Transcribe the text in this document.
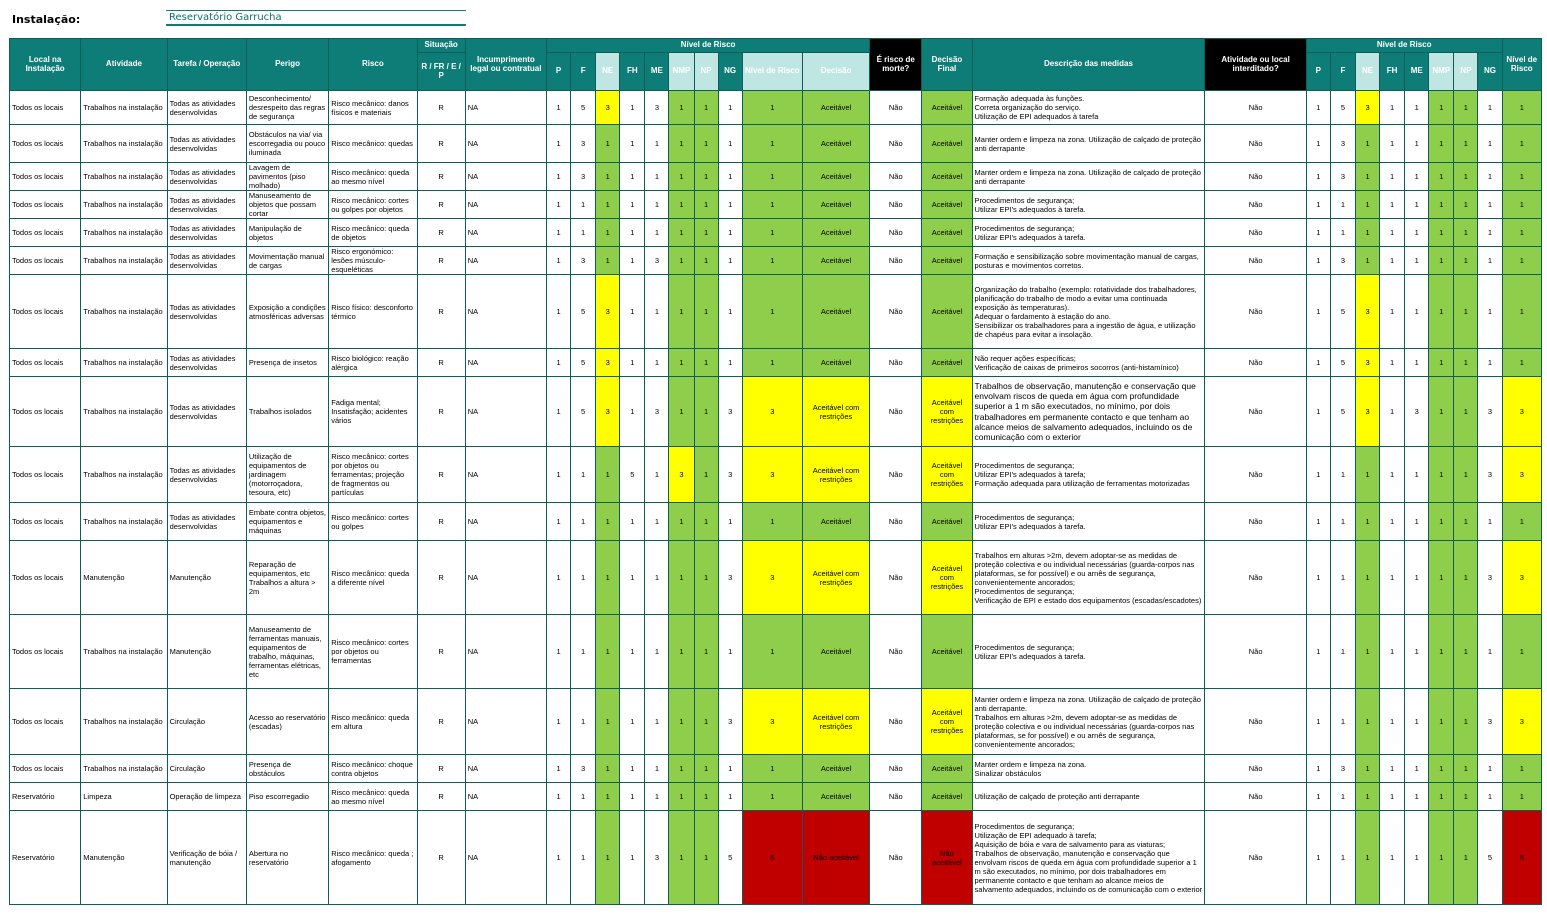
Instalação:	Reservatório Garrucha
Local na Instalação	Atividade	Tarefa / Operação	Perigo	Risco	Situação	Incumprimento legal ou contratual	Nível de Risco										É risco de morte?	Decisão Final	Descrição das medidas	Atividade ou local interditado?	Nível de Risco								Nível de Risco
					R / FR / E / P		P	F	NE	FH	ME	NMP	NP	NG	Nível de Risco	Decisão					P	F	NE	FH	ME	NMP	NP	NG	
Todos os locais	Trabalhos na instalação	Todas as atividades desenvolvidas	Desconhecimento/ desrespeito das regras de segurança	Risco mecânico: danos físicos e materiais	R	NA	1	5	3	1	3	1	1	1	1	Aceitável	Não	Aceitável	Formação adequada às funções.
Correta organização do serviço.
Utilização de EPI adequados à tarefa	Não	1	5	3	1	1	1	1	1	1
Todos os locais	Trabalhos na instalação	Todas as atividades desenvolvidas	Obstáculos na via/ via escorregadia ou pouco iluminada	Risco mecânico: quedas	R	NA	1	3	1	1	1	1	1	1	1	Aceitável	Não	Aceitável	Manter ordem e limpeza na zona. Utilização de calçado de proteção anti derrapante	Não	1	3	1	1	1	1	1	1	1
Todos os locais	Trabalhos na instalação	Todas as atividades desenvolvidas	Lavagem de pavimentos (piso molhado)	Risco mecânico: queda ao mesmo nível	R	NA	1	3	1	1	1	1	1	1	1	Aceitável	Não	Aceitável	Manter ordem e limpeza na zona. Utilização de calçado de proteção anti derrapante	Não	1	3	1	1	1	1	1	1	1
Todos os locais	Trabalhos na instalação	Todas as atividades desenvolvidas	Manuseamento de objetos que possam cortar	Risco mecânico: cortes ou golpes por objetos	R	NA	1	1	1	1	1	1	1	1	1	Aceitável	Não	Aceitável	Procedimentos de segurança;
Utilizar EPI's adequados à tarefa.	Não	1	1	1	1	1	1	1	1	1
Todos os locais	Trabalhos na instalação	Todas as atividades desenvolvidas	Manipulação de objetos	Risco mecânico: queda de objetos	R	NA	1	1	1	1	1	1	1	1	1	Aceitável	Não	Aceitável	Procedimentos de segurança;
Utilizar EPI's adequados à tarefa.	Não	1	1	1	1	1	1	1	1	1
Todos os locais	Trabalhos na instalação	Todas as atividades desenvolvidas	Movimentação manual de cargas	Risco ergonómico: lesões músculo-esqueléticas	R	NA	1	3	1	1	3	1	1	1	1	Aceitável	Não	Aceitável	Formação e sensibilização sobre movimentação manual de cargas, posturas e movimentos corretos.	Não	1	3	1	1	1	1	1	1	1
Todos os locais	Trabalhos na instalação	Todas as atividades desenvolvidas	Exposição a condições atmosféricas adversas	Risco físico: desconforto térmico	R	NA	1	5	3	1	1	1	1	1	1	Aceitável	Não	Aceitável	Organização do trabalho (exemplo: rotatividade dos trabalhadores, planificação do trabalho de modo a evitar uma continuada exposição às temperaturas).
Adequar o fardamento à estação do ano.
Sensibilizar os trabalhadores para a ingestão de água, e utilização de chapéus para evitar a insolação.	Não	1	5	3	1	1	1	1	1	1
Todos os locais	Trabalhos na instalação	Todas as atividades desenvolvidas	Presença de insetos	Risco biológico: reação alérgica	R	NA	1	5	3	1	1	1	1	1	1	Aceitável	Não	Aceitável	Não requer ações específicas;
Verificação de caixas de primeiros socorros (anti-histamínico)	Não	1	5	3	1	1	1	1	1	1
Todos os locais	Trabalhos na instalação	Todas as atividades desenvolvidas	Trabalhos isolados	Fadiga mental; Insatisfação; acidentes vários	R	NA	1	5	3	1	3	1	1	3	3	Aceitável com restrições	Não	Aceitável com restrições	Trabalhos de observação, manutenção e conservação que envolvam riscos de queda em água com profundidade superior a 1 m são executados, no mínimo, por dois trabalhadores em permanente contacto e que tenham ao alcance meios de salvamento adequados, incluindo os de comunicação com o exterior	Não	1	5	3	1	3	1	1	3	3
Todos os locais	Trabalhos na instalação	Todas as atividades desenvolvidas	Utilização de equipamentos de jardinagem (motorroçadora, tesoura, etc)	Risco mecânico: cortes por objetos ou ferramentas; projeção de fragmentos ou partículas	R	NA	1	1	1	5	1	3	1	3	3	Aceitável com restrições	Não	Aceitável com restrições	Procedimentos de segurança;
Utilizar EPI's adequados à tarefa;
Formação adequada para utilização de ferramentas motorizadas	Não	1	1	1	1	1	1	1	3	3
Todos os locais	Trabalhos na instalação	Todas as atividades desenvolvidas	Embate contra objetos, equipamentos e máquinas	Risco mecânico: cortes ou golpes	R	NA	1	1	1	1	1	1	1	1	1	Aceitável	Não	Aceitável	Procedimentos de segurança;
Utilizar EPI's adequados à tarefa.	Não	1	1	1	1	1	1	1	1	1
Todos os locais	Manutenção	Manutenção	Reparação de equipamentos, etc Trabalhos a altura > 2m	Risco mecânico: queda a diferente nível	R	NA	1	1	1	1	1	1	1	3	3	Aceitável com restrições	Não	Aceitável com restrições	Trabalhos em alturas >2m, devem adoptar-se as medidas de proteção colectiva e ou individual necessárias (guarda-corpos nas plataformas, se for possível) e ou arnês de segurança, convenientemente ancorados;
Procedimentos de segurança;
Verificação de EPI e estado dos equipamentos (escadas/escadotes)	Não	1	1	1	1	1	1	1	3	3
Todos os locais	Trabalhos na instalação	Manutenção	Manuseamento de ferramentas manuais, equipamentos de trabalho, máquinas, ferramentas elétricas, etc	Risco mecânico: cortes por objetos ou ferramentas	R	NA	1	1	1	1	1	1	1	1	1	Aceitável	Não	Aceitável	Procedimentos de segurança;
Utilizar EPI's adequados à tarefa.	Não	1	1	1	1	1	1	1	1	1
Todos os locais	Trabalhos na instalação	Circulação	Acesso ao reservatório (escadas)	Risco mecânico: queda em altura	R	NA	1	1	1	1	1	1	1	3	3	Aceitável com restrições	Não	Aceitável com restrições	Manter ordem e limpeza na zona. Utilização de calçado de proteção anti derrapante.
Trabalhos em alturas >2m, devem adoptar-se as medidas de proteção colectiva e ou individual necessárias (guarda-corpos nas plataformas, se for possível) e ou arnês de segurança, convenientemente ancorados;	Não	1	1	1	1	1	1	1	3	3
Todos os locais	Trabalhos na instalação	Circulação	Presença de obstáculos	Risco mecânico: choque contra objetos	R	NA	1	3	1	1	1	1	1	1	1	Aceitável	Não	Aceitável	Manter ordem e limpeza na zona.
Sinalizar obstáculos	Não	1	3	1	1	1	1	1	1	1
Reservatório	Limpeza	Operação de limpeza	Piso escorregadio	Risco mecânico: queda ao mesmo nível	R	NA	1	1	1	1	1	1	1	1	1	Aceitável	Não	Aceitável	Utilização de calçado de proteção anti derrapante	Não	1	1	1	1	1	1	1	1	1
Reservatório	Manutenção	Verificação de bóia / manutenção	Abertura no reservatório	Risco mecânico: queda ;
afogamento	R	NA	1	1	1	1	3	1	1	5	5	Não aceitável	Não	Não aceitável	Procedimentos de segurança;
Utilização de EPI adequado à tarefa;
Aquisição de bóia e vara de salvamento para as viaturas;
Trabalhos de observação, manutenção e conservação que envolvam riscos de queda em água com profundidade superior a 1 m são executados, no mínimo, por dois trabalhadores em permanente contacto e que tenham ao alcance meios de salvamento adequados, incluindo os de comunicação com o exterior	Não	1	1	1	1	1	1	1	5	5
